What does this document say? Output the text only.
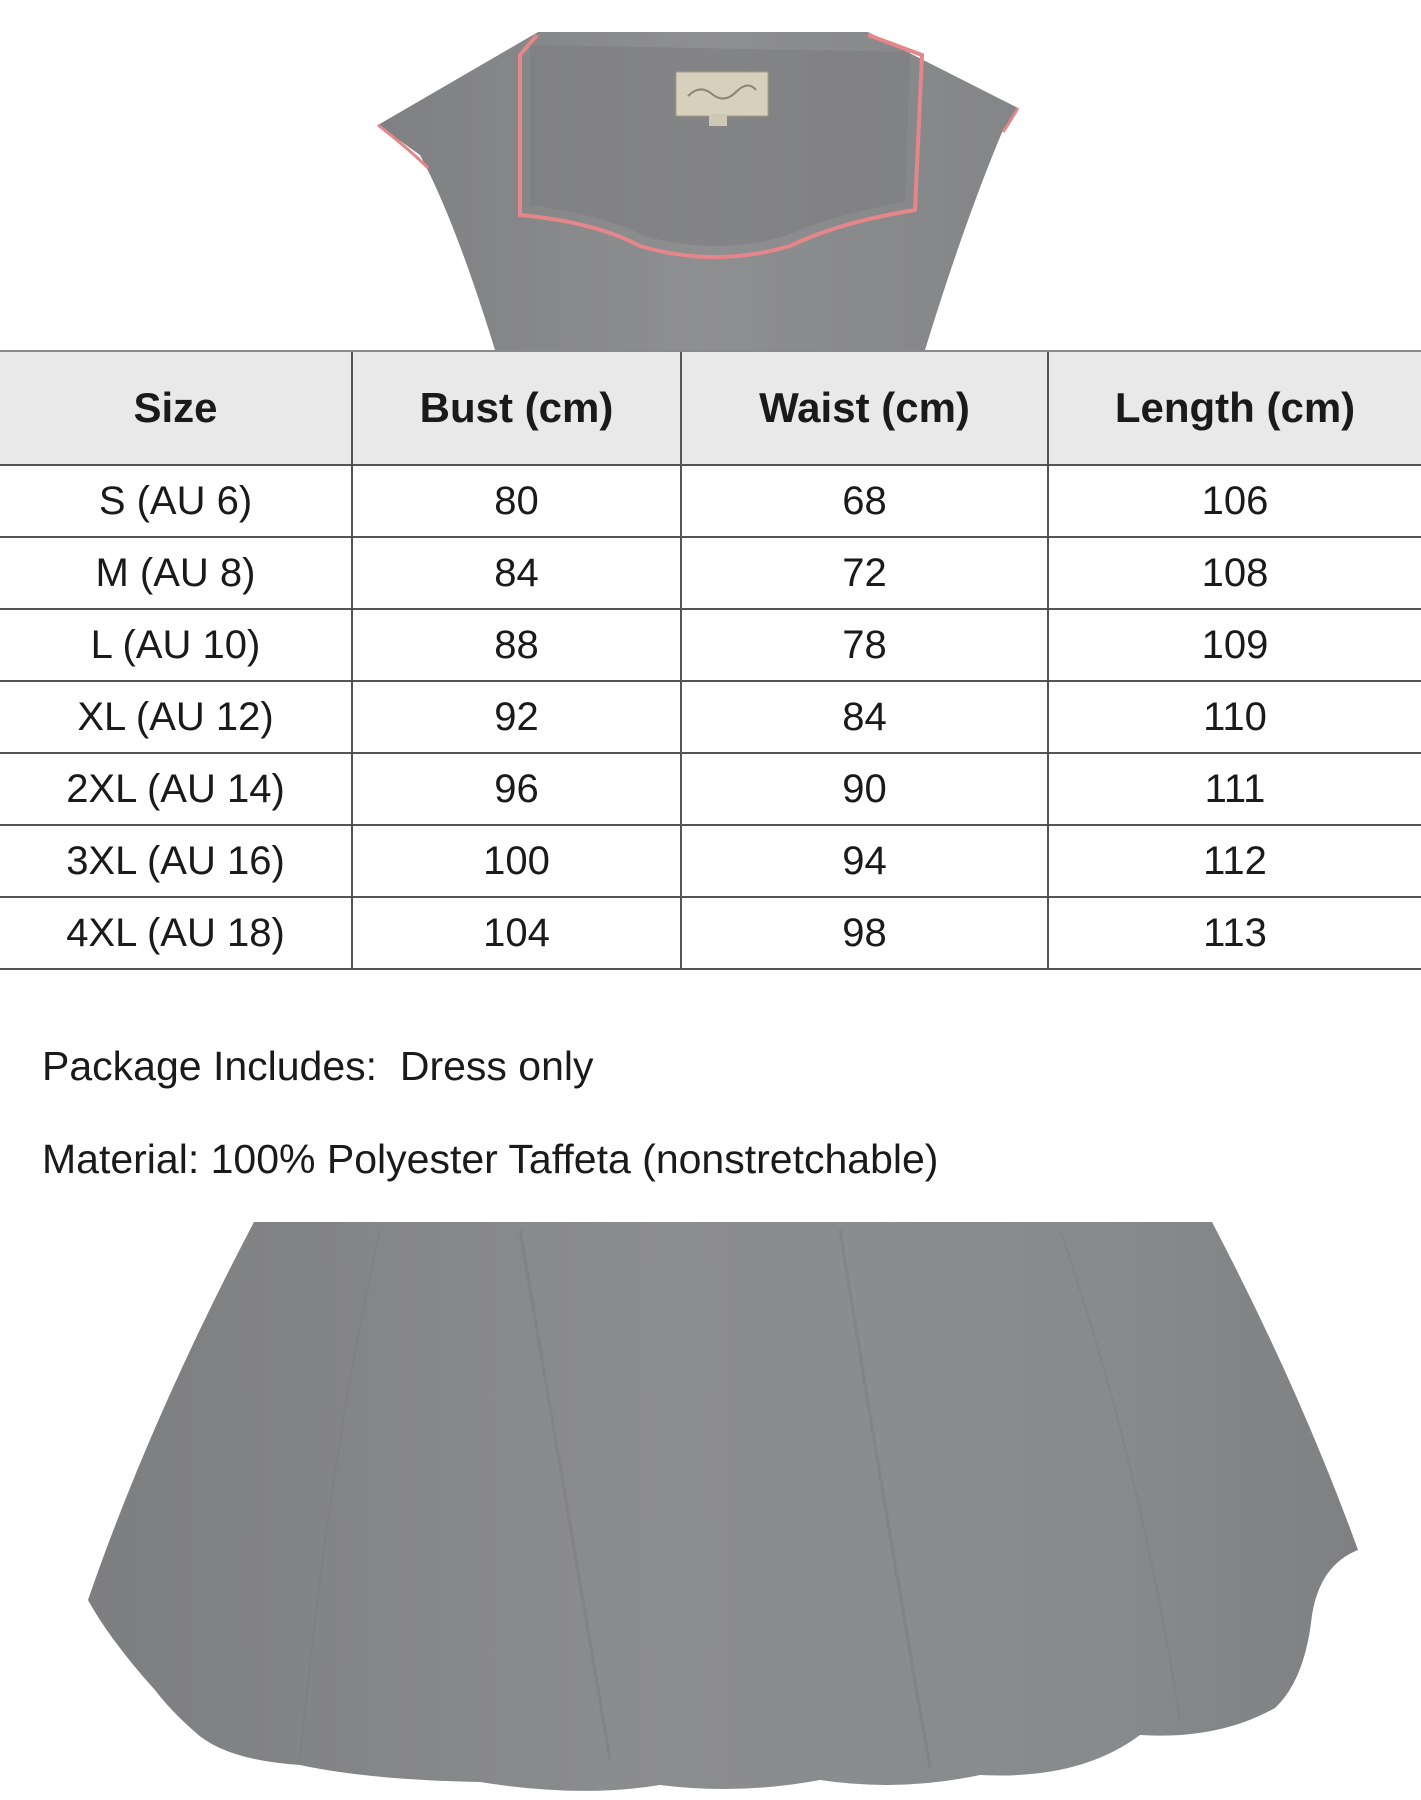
Size	Bust (cm)	Waist (cm)	Length (cm)
S (AU 6)	80	68	106
M (AU 8)	84	72	108
L (AU 10)	88	78	109
XL (AU 12)	92	84	110
2XL (AU 14)	96	90	111
3XL (AU 16)	100	94	112
4XL (AU 18)	104	98	113
Package Includes: Dress only
Material: 100% Polyester Taffeta (nonstretchable)
